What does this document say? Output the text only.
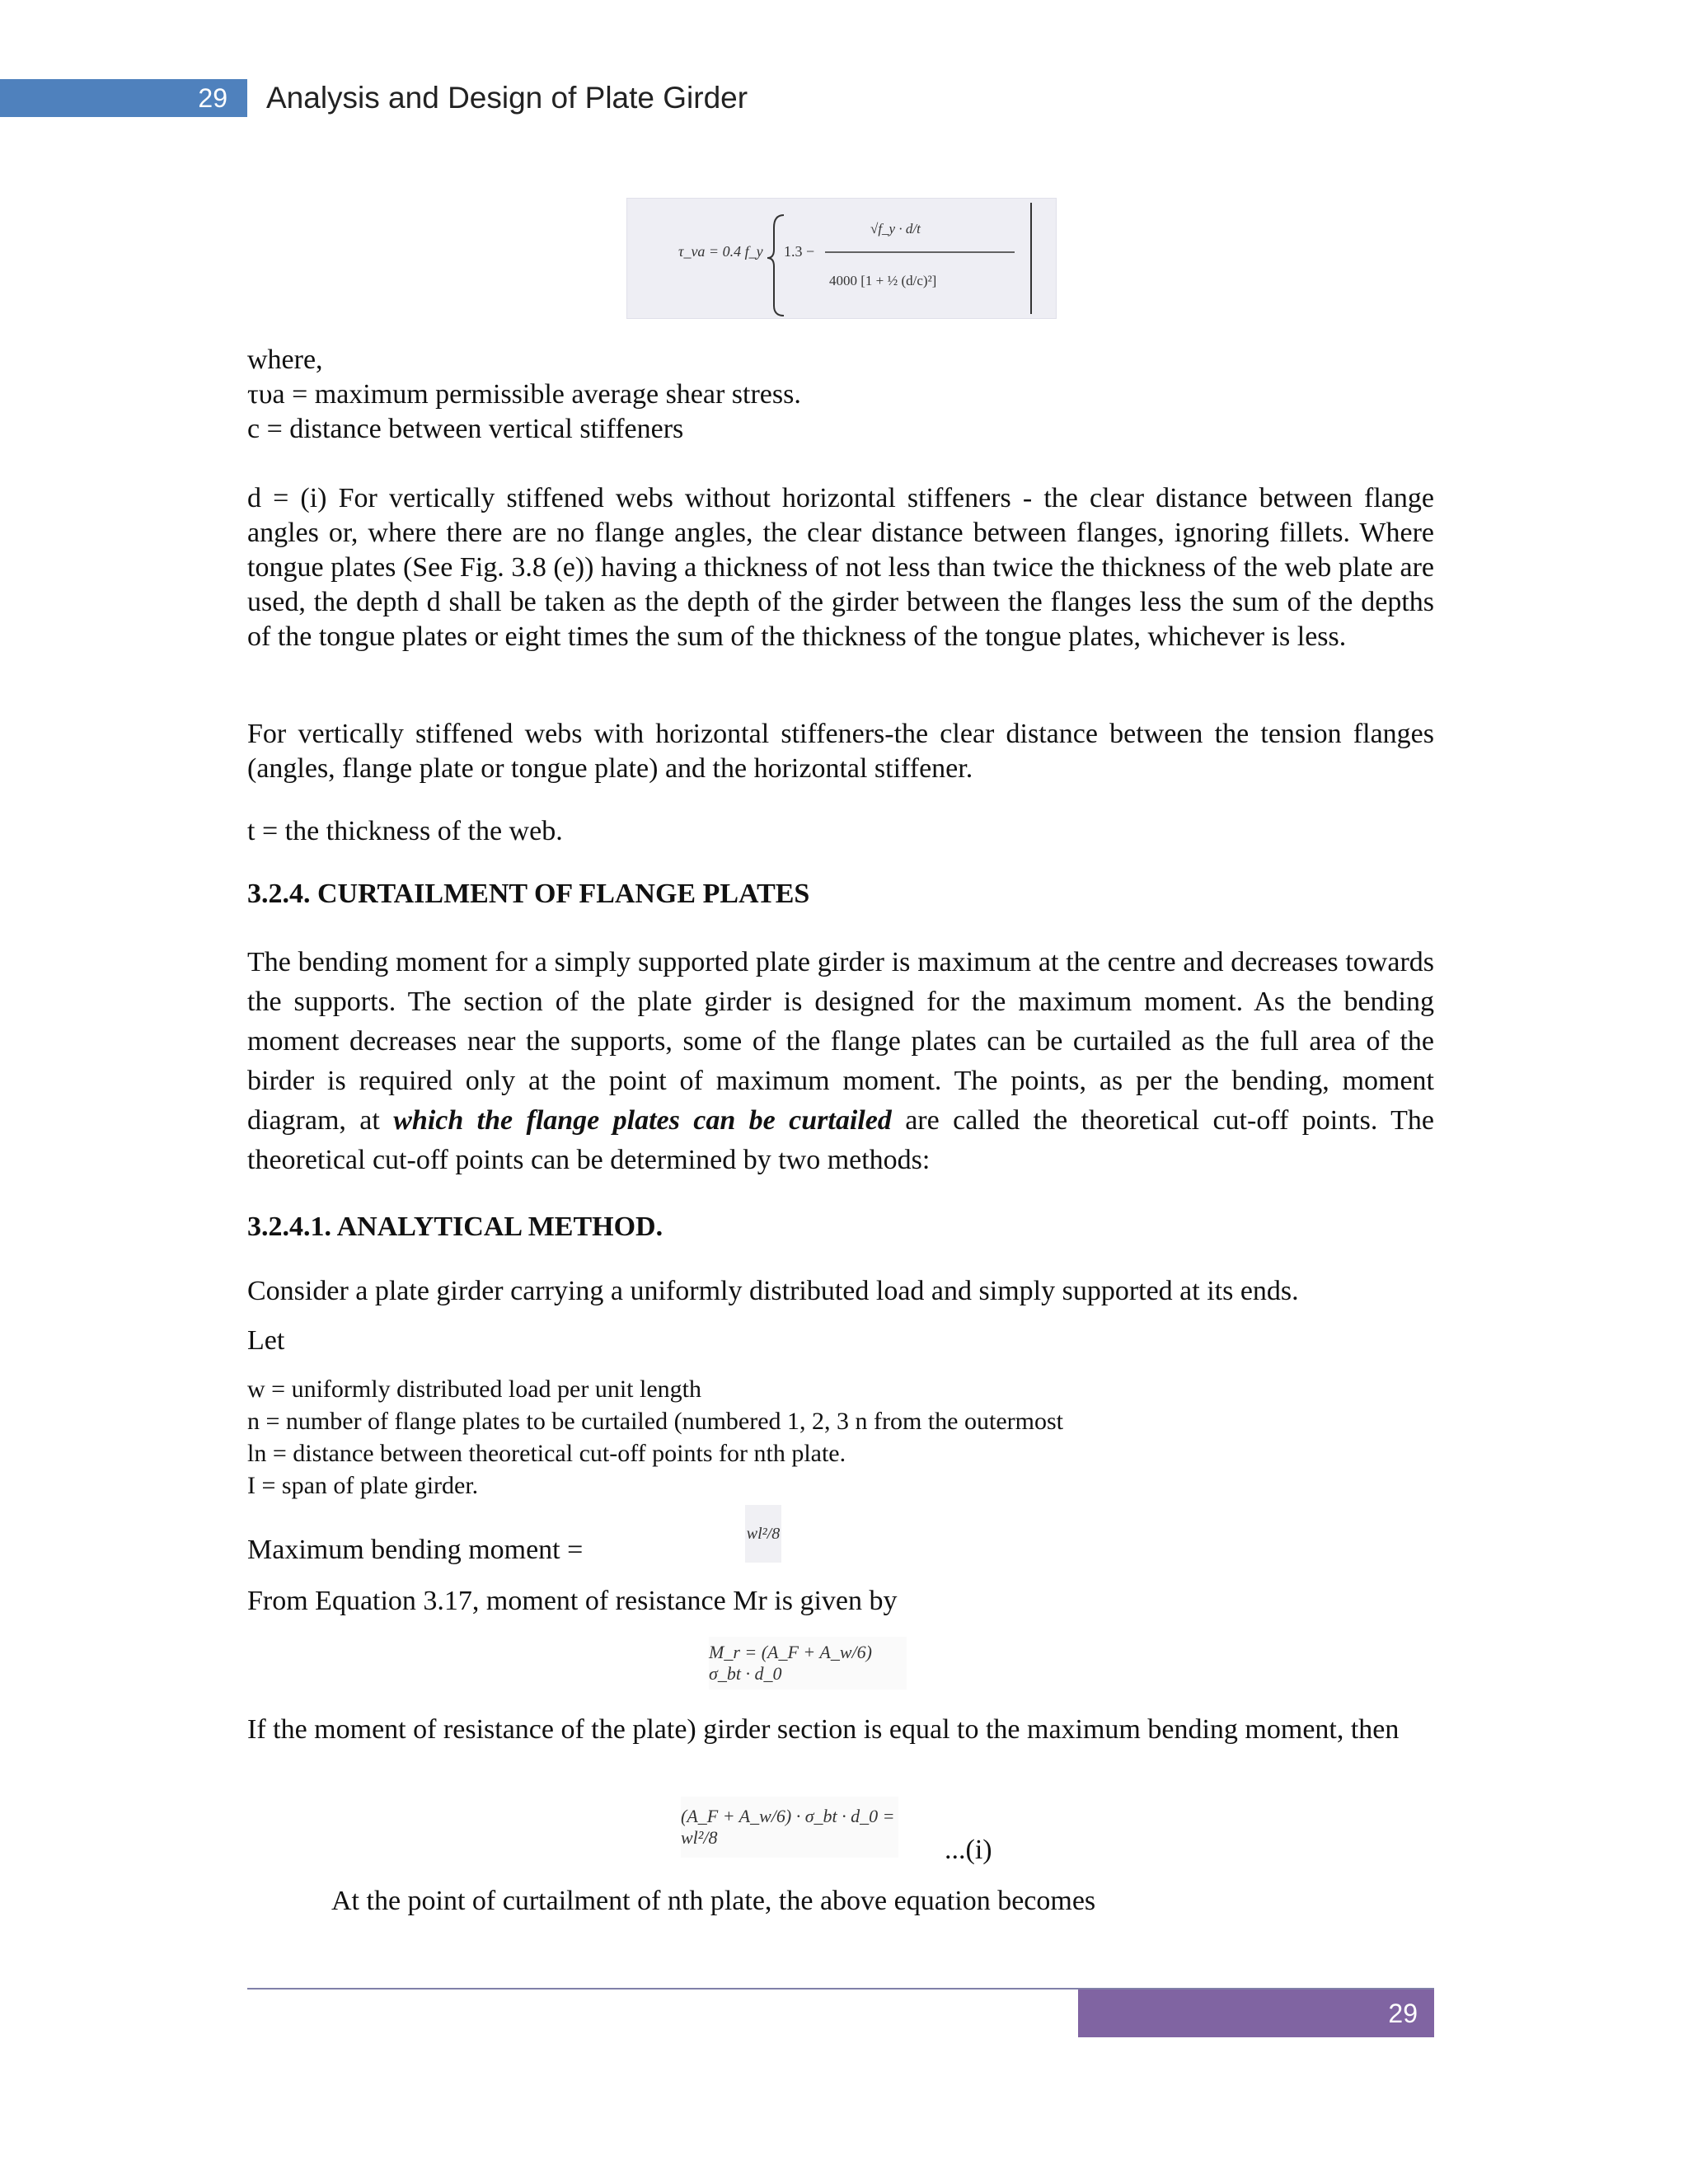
29	Analysis and Design of Plate Girder
τ_va = 0.4 f_y 1.3 −
√f_y · d/t
4000 [1 + ½ (d/c)²]

where,

τυa = maximum permissible average shear stress.

c = distance between vertical stiffeners

d = (i) For vertically stiffened webs without horizontal stiffeners - the clear distance between flange angles or, where there are no flange angles, the clear distance between flanges, ignoring fillets. Where tongue plates (See Fig. 3.8 (e)) having a thickness of not less than twice the thickness of the web plate are used, the depth d shall be taken as the depth of the girder between the flanges less the sum of the depths of the tongue plates or eight times the sum of the thickness of the tongue plates, whichever is less.

For vertically stiffened webs with horizontal stiffeners-the clear distance between the tension flanges (angles, flange plate or tongue plate) and the horizontal stiffener.

t = the thickness of the web.

3.2.4. CURTAILMENT OF FLANGE PLATES

The bending moment for a simply supported plate girder is maximum at the centre and decreases towards the supports. The section of the plate girder is designed for the maximum moment. As the bending moment decreases near the supports, some of the flange plates can be curtailed as the full area of the birder is required only at the point of maximum moment. The points, as per the bending, moment diagram, at which the flange plates can be curtailed are called the theoretical cut-off points. The theoretical cut-off points can be determined by two methods:

3.2.4.1. ANALYTICAL METHOD.

Consider a plate girder carrying a uniformly distributed load and simply supported at its ends.

Let

w = uniformly distributed load per unit length

n = number of flange plates to be curtailed (numbered 1, 2, 3 n from the outermost

ln = distance between theoretical cut-off points for nth plate.

I = span of plate girder.

Maximum bending moment =

wl²/8

From Equation 3.17, moment of resistance Mr is given by

M_r = (A_F + A_w/6) σ_bt · d_0

If the moment of resistance of the plate) girder section is equal to the maximum bending moment, then

(A_F + A_w/6) · σ_bt · d_0 = wl²/8	...(i)

At the point of curtailment of nth plate, the above equation becomes

29
